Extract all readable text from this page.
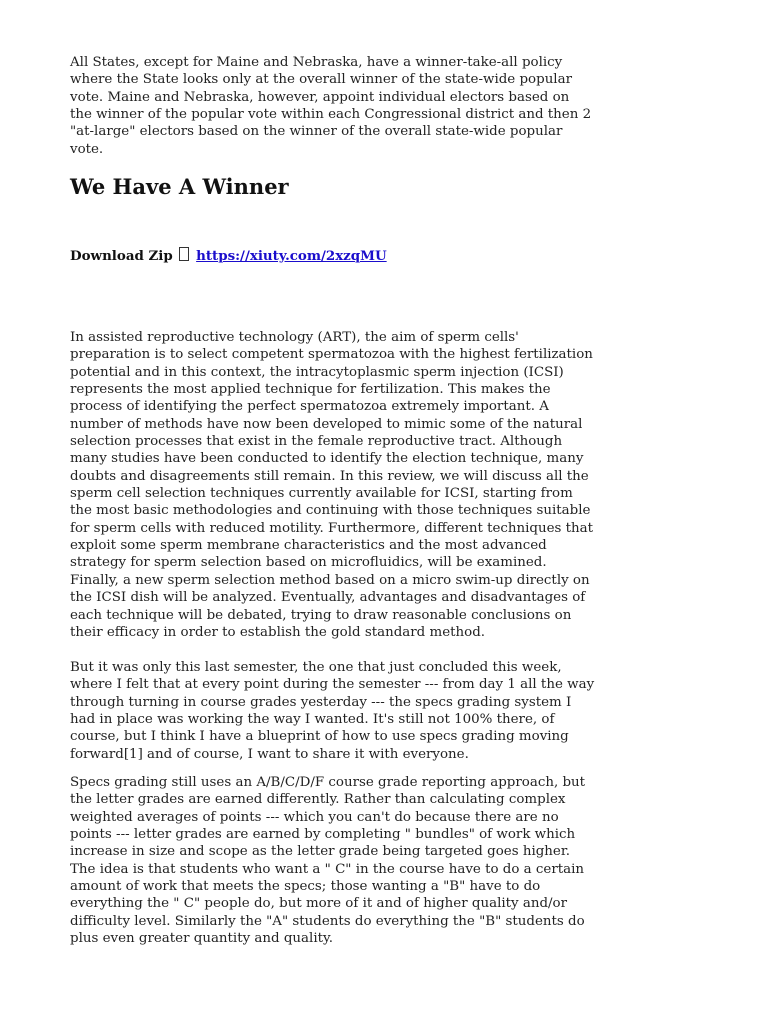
All States, except for Maine and Nebraska, have a winner-take-all policy
where the State looks only at the overall winner of the state-wide popular
vote. Maine and Nebraska, however, appoint individual electors based on
the winner of the popular vote within each Congressional district and then 2
"at-large" electors based on the winner of the overall state-wide popular
vote.
We Have A Winner
Download Zip https://xiuty.com/2xzqMU
In assisted reproductive technology (ART), the aim of sperm cells'
preparation is to select competent spermatozoa with the highest fertilization
potential and in this context, the intracytoplasmic sperm injection (ICSI)
represents the most applied technique for fertilization. This makes the
process of identifying the perfect spermatozoa extremely important. A
number of methods have now been developed to mimic some of the natural
selection processes that exist in the female reproductive tract. Although
many studies have been conducted to identify the election technique, many
doubts and disagreements still remain. In this review, we will discuss all the
sperm cell selection techniques currently available for ICSI, starting from
the most basic methodologies and continuing with those techniques suitable
for sperm cells with reduced motility. Furthermore, different techniques that
exploit some sperm membrane characteristics and the most advanced
strategy for sperm selection based on microfluidics, will be examined.
Finally, a new sperm selection method based on a micro swim-up directly on
the ICSI dish will be analyzed. Eventually, advantages and disadvantages of
each technique will be debated, trying to draw reasonable conclusions on
their efficacy in order to establish the gold standard method.
But it was only this last semester, the one that just concluded this week,
where I felt that at every point during the semester --- from day 1 all the way
through turning in course grades yesterday --- the specs grading system I
had in place was working the way I wanted. It's still not 100% there, of
course, but I think I have a blueprint of how to use specs grading moving
forward[1] and of course, I want to share it with everyone.
Specs grading still uses an A/B/C/D/F course grade reporting approach, but
the letter grades are earned differently. Rather than calculating complex
weighted averages of points --- which you can't do because there are no
points --- letter grades are earned by completing " bundles" of work which
increase in size and scope as the letter grade being targeted goes higher.
The idea is that students who want a " C" in the course have to do a certain
amount of work that meets the specs; those wanting a "B" have to do
everything the " C" people do, but more of it and of higher quality and/or
difficulty level. Similarly the "A" students do everything the "B" students do
plus even greater quantity and quality.
